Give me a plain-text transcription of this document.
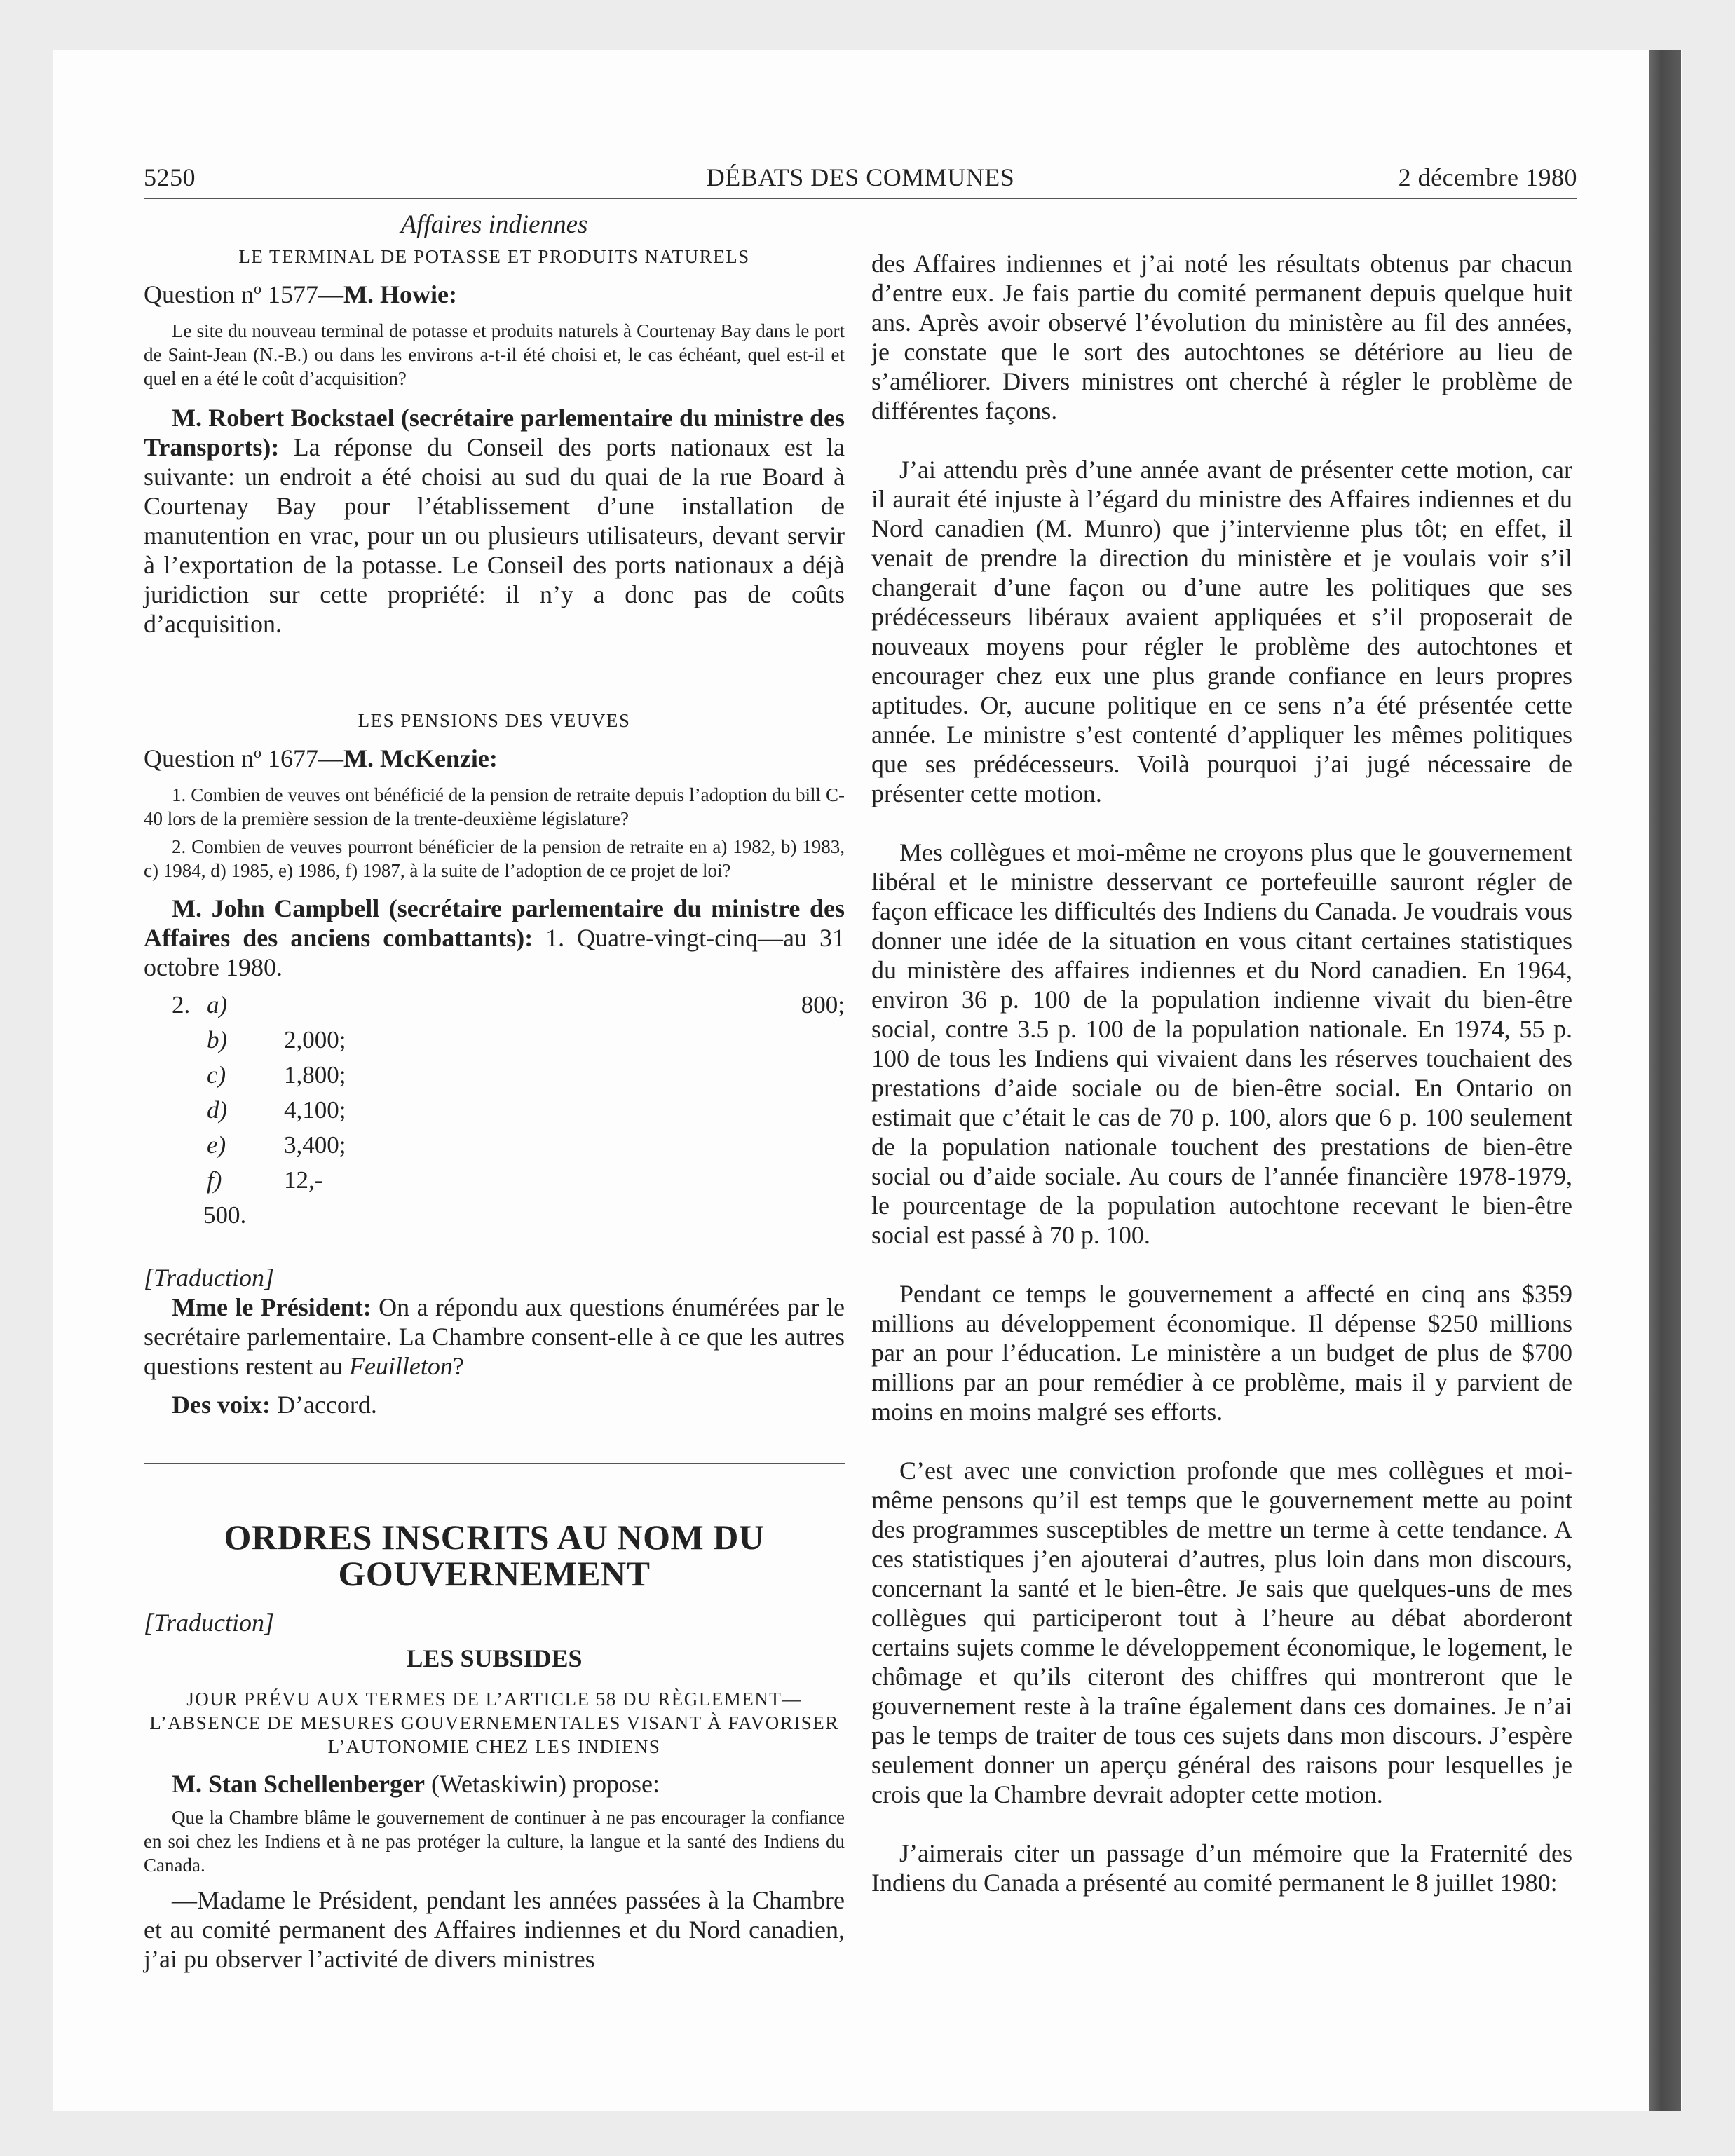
5250	DÉBATS DES COMMUNES	2 décembre 1980
Affaires indiennes
LE TERMINAL DE POTASSE ET PRODUITS NATURELS
Question $n^o$ 1577—M. Howie:

Le site du nouveau terminal de potasse et produits naturels à Courtenay Bay dans le port de Saint-Jean (N.-B.) ou dans les environs a-t-il été choisi et, le cas échéant, quel est-il et quel en a été le coût d’acquisition?

M. Robert Bockstael (secrétaire parlementaire du ministre des Transports): La réponse du Conseil des ports nationaux est la suivante: un endroit a été choisi au sud du quai de la rue Board à Courtenay Bay pour l’établissement d’une installation de manutention en vrac, pour un ou plusieurs utilisateurs, devant servir à l’exportation de la potasse. Le Conseil des ports nationaux a déjà juridiction sur cette propriété: il n’y a donc pas de coûts d’acquisition.

LES PENSIONS DES VEUVES
Question $n^o$ 1677—M. McKenzie:

1. Combien de veuves ont bénéficié de la pension de retraite depuis l’adoption du bill C-40 lors de la première session de la trente-deuxième législature?

2. Combien de veuves pourront bénéficier de la pension de retraite en a) 1982, b) 1983, c) 1984, d) 1985, e) 1986, f) 1987, à la suite de l’adoption de ce projet de loi?

M. John Campbell (secrétaire parlementaire du ministre des Affaires des anciens combattants): 1. Quatre-vingt-cinq—au 31 octobre 1980.

2. a)	800;
b) 2,000;
c) 1,800;
d) 4,100;
e) 3,400;
f)	12,-
500.

[Traduction]

Mme le Président: On a répondu aux questions énumérées par le secrétaire parlementaire. La Chambre consent-elle à ce que les autres questions restent au Feuilleton?

Des voix: D’accord.

ORDRES INSCRITS AU NOM DU GOUVERNEMENT

[Traduction]

LES SUBSIDES
JOUR PRÉVU AUX TERMES DE L’ARTICLE 58 DU RÈGLEMENT—L’ABSENCE DE MESURES GOUVERNEMENTALES VISANT À FAVORISER L’AUTONOMIE CHEZ LES INDIENS

M. Stan Schellenberger (Wetaskiwin) propose:

Que la Chambre blâme le gouvernement de continuer à ne pas encourager la confiance en soi chez les Indiens et à ne pas protéger la culture, la langue et la santé des Indiens du Canada.

—Madame le Président, pendant les années passées à la Chambre et au comité permanent des Affaires indiennes et du Nord canadien, j’ai pu observer l’activité de divers ministres

des Affaires indiennes et j’ai noté les résultats obtenus par chacun d’entre eux. Je fais partie du comité permanent depuis quelque huit ans. Après avoir observé l’évolution du ministère au fil des années, je constate que le sort des autochtones se détériore au lieu de s’améliorer. Divers ministres ont cherché à régler le problème de différentes façons.

J’ai attendu près d’une année avant de présenter cette motion, car il aurait été injuste à l’égard du ministre des Affaires indiennes et du Nord canadien (M. Munro) que j’intervienne plus tôt; en effet, il venait de prendre la direction du ministère et je voulais voir s’il changerait d’une façon ou d’une autre les politiques que ses prédécesseurs libéraux avaient appliquées et s’il proposerait de nouveaux moyens pour régler le problème des autochtones et encourager chez eux une plus grande confiance en leurs propres aptitudes. Or, aucune politique en ce sens n’a été présentée cette année. Le ministre s’est contenté d’appliquer les mêmes politiques que ses prédécesseurs. Voilà pourquoi j’ai jugé nécessaire de présenter cette motion.

Mes collègues et moi-même ne croyons plus que le gouvernement libéral et le ministre desservant ce portefeuille sauront régler de façon efficace les difficultés des Indiens du Canada. Je voudrais vous donner une idée de la situation en vous citant certaines statistiques du ministère des affaires indiennes et du Nord canadien. En 1964, environ 36 p. 100 de la population indienne vivait du bien-être social, contre 3.5 p. 100 de la population nationale. En 1974, 55 p. 100 de tous les Indiens qui vivaient dans les réserves touchaient des prestations d’aide sociale ou de bien-être social. En Ontario on estimait que c’était le cas de 70 p. 100, alors que 6 p. 100 seulement de la population nationale touchent des prestations de bien-être social ou d’aide sociale. Au cours de l’année financière 1978-1979, le pourcentage de la population autochtone recevant le bien-être social est passé à 70 p. 100.

Pendant ce temps le gouvernement a affecté en cinq ans $359 millions au développement économique. Il dépense $250 millions par an pour l’éducation. Le ministère a un budget de plus de $700 millions par an pour remédier à ce problème, mais il y parvient de moins en moins malgré ses efforts.

C’est avec une conviction profonde que mes collègues et moi-même pensons qu’il est temps que le gouvernement mette au point des programmes susceptibles de mettre un terme à cette tendance. A ces statistiques j’en ajouterai d’autres, plus loin dans mon discours, concernant la santé et le bien-être. Je sais que quelques-uns de mes collègues qui participeront tout à l’heure au débat aborderont certains sujets comme le développement économique, le logement, le chômage et qu’ils citeront des chiffres qui montreront que le gouvernement reste à la traîne également dans ces domaines. Je n’ai pas le temps de traiter de tous ces sujets dans mon discours. J’espère seulement donner un aperçu général des raisons pour lesquelles je crois que la Chambre devrait adopter cette motion.

J’aimerais citer un passage d’un mémoire que la Fraternité des Indiens du Canada a présenté au comité permanent le 8 juillet 1980:
